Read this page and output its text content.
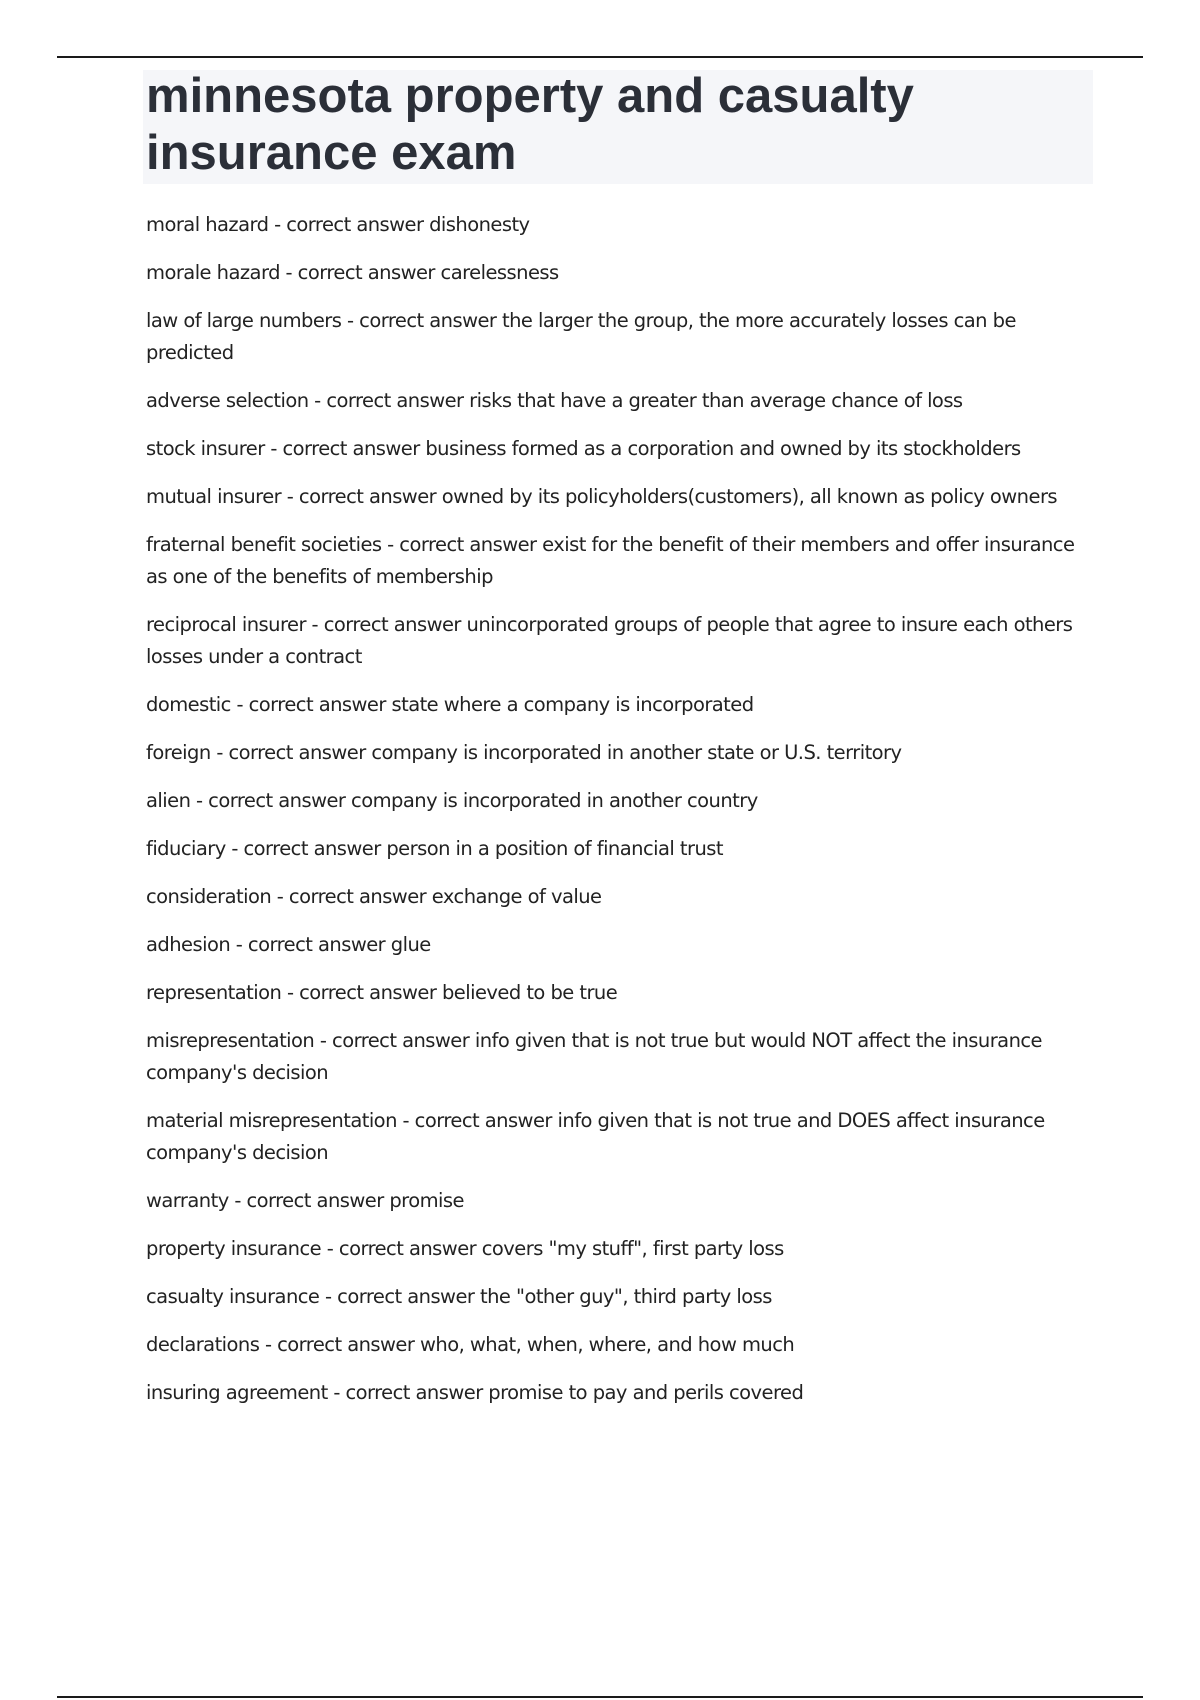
minnesota property and casualty insurance exam
moral hazard - correct answer dishonesty
morale hazard - correct answer carelessness
law of large numbers - correct answer the larger the group, the more accurately losses can be predicted
adverse selection - correct answer risks that have a greater than average chance of loss
stock insurer - correct answer business formed as a corporation and owned by its stockholders
mutual insurer - correct answer owned by its policyholders(customers), all known as policy owners
fraternal benefit societies - correct answer exist for the benefit of their members and offer insurance as one of the benefits of membership
reciprocal insurer - correct answer unincorporated groups of people that agree to insure each others losses under a contract
domestic - correct answer state where a company is incorporated
foreign - correct answer company is incorporated in another state or U.S. territory
alien - correct answer company is incorporated in another country
fiduciary - correct answer person in a position of financial trust
consideration - correct answer exchange of value
adhesion - correct answer glue
representation - correct answer believed to be true
misrepresentation - correct answer info given that is not true but would NOT affect the insurance company's decision
material misrepresentation - correct answer info given that is not true and DOES affect insurance company's decision
warranty - correct answer promise
property insurance - correct answer covers "my stuff", first party loss
casualty insurance - correct answer the "other guy", third party loss
declarations - correct answer who, what, when, where, and how much
insuring agreement - correct answer promise to pay and perils covered
